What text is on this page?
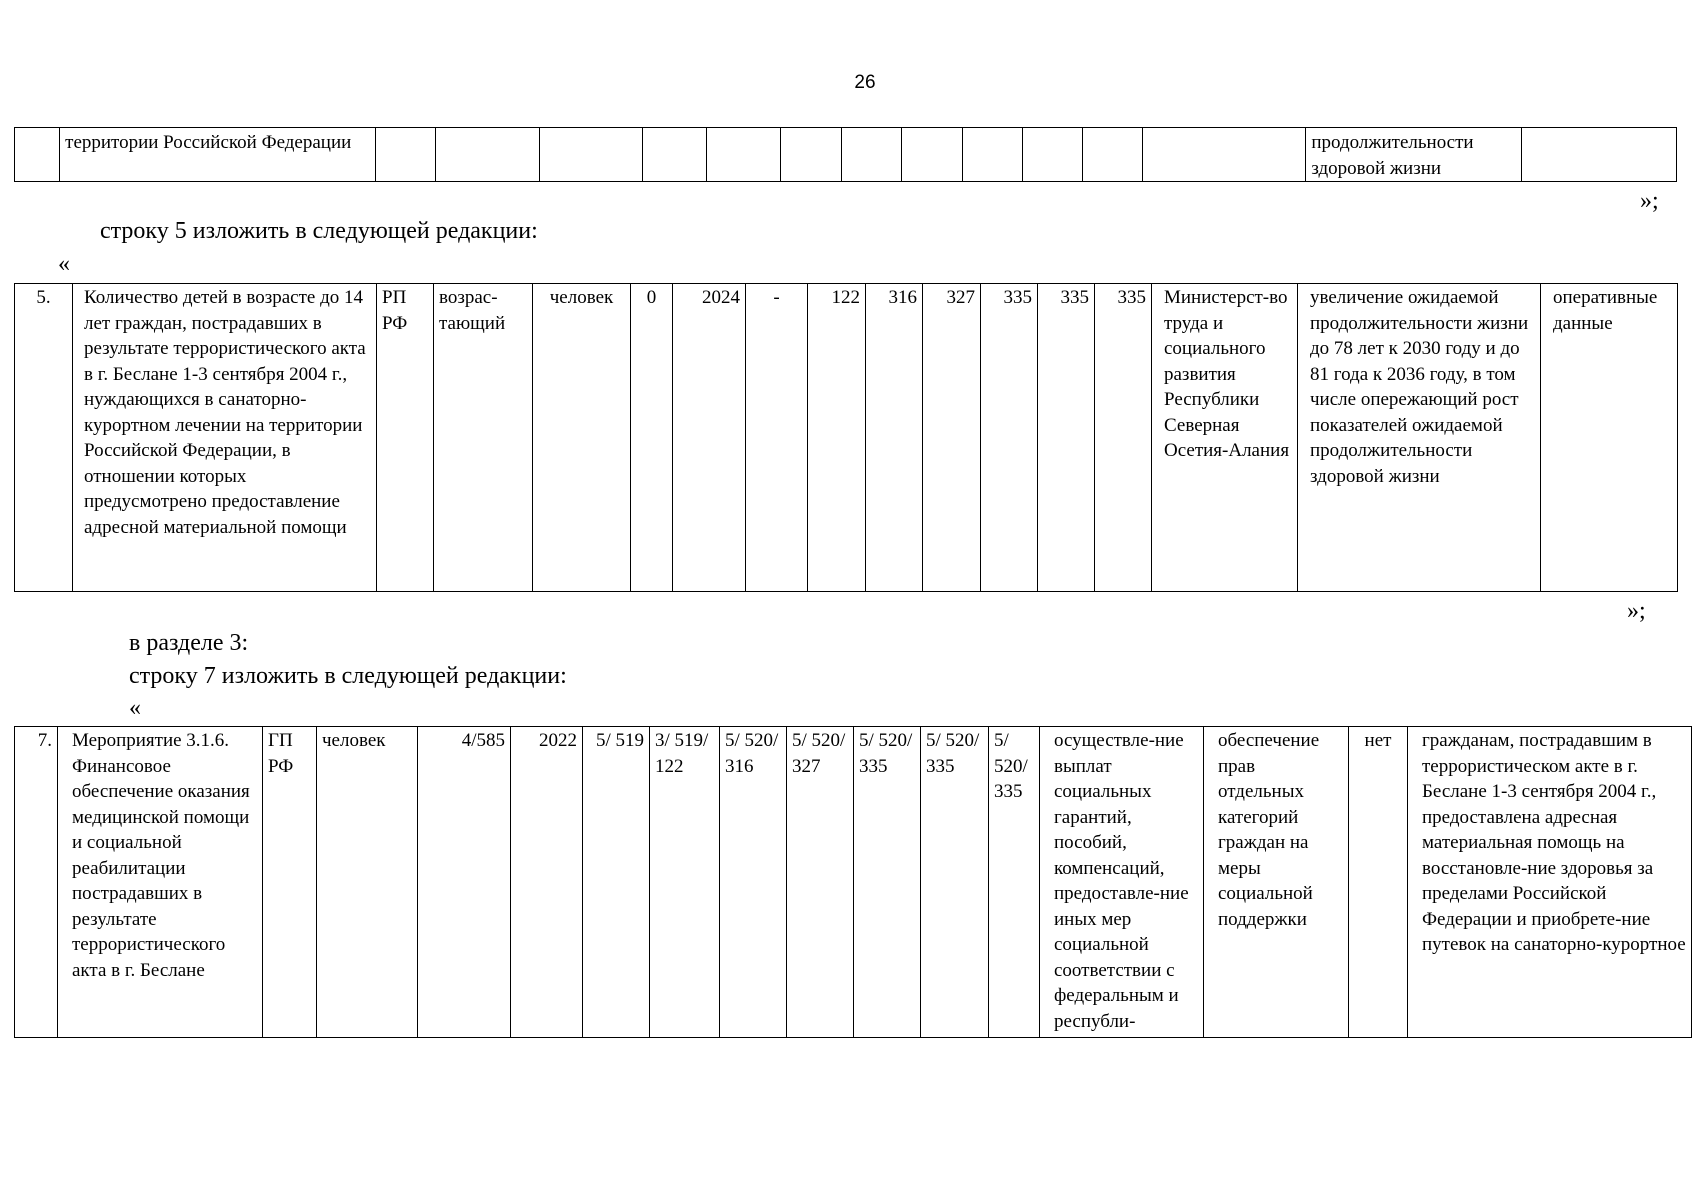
26
	территории Российской Федерации													продолжительности здоровой жизни	
»;
строку 5 изложить в следующей редакции:
«
5.	Количество детей в возрасте до 14 лет граждан, пострадавших в результате террористического акта в г. Беслане 1-3 сентября 2004 г., нуждающихся в санаторно-курортном лечении на территории Российской Федерации, в отношении которых предусмотрено предоставление адресной материальной помощи	РП РФ	возрас-тающий	человек	0	2024	-	122	316	327	335	335	335	Министерст-во труда и социального развития Республики Северная Осетия-Алания	увеличение ожидаемой продолжительности жизни до 78 лет к 2030 году и до 81 года к 2036 году, в том числе опережающий рост показателей ожидаемой продолжительности здоровой жизни	оперативные данные
»;
в разделе 3:
строку 7 изложить в следующей редакции:
«
7.	Мероприятие 3.1.6. Финансовое обеспечение оказания медицинской помощи и социальной реабилитации пострадавших в результате террористического акта в г. Беслане	ГП РФ	человек	4/585	2022	5/ 519	3/ 519/ 122	5/ 520/ 316	5/ 520/ 327	5/ 520/ 335	5/ 520/ 335	5/ 520/ 335	осуществле-ние выплат социальных гарантий, пособий, компенсаций, предоставле-ние иных мер социальной соответствии с федеральным и республи-	обеспечение прав отдельных категорий граждан на меры социальной поддержки	нет	гражданам, пострадавшим в террористическом акте в г. Беслане 1-3 сентября 2004 г., предоставлена адресная материальная помощь на восстановле-ние здоровья за пределами Российской Федерации и приобрете-ние путевок на санаторно-курортное
